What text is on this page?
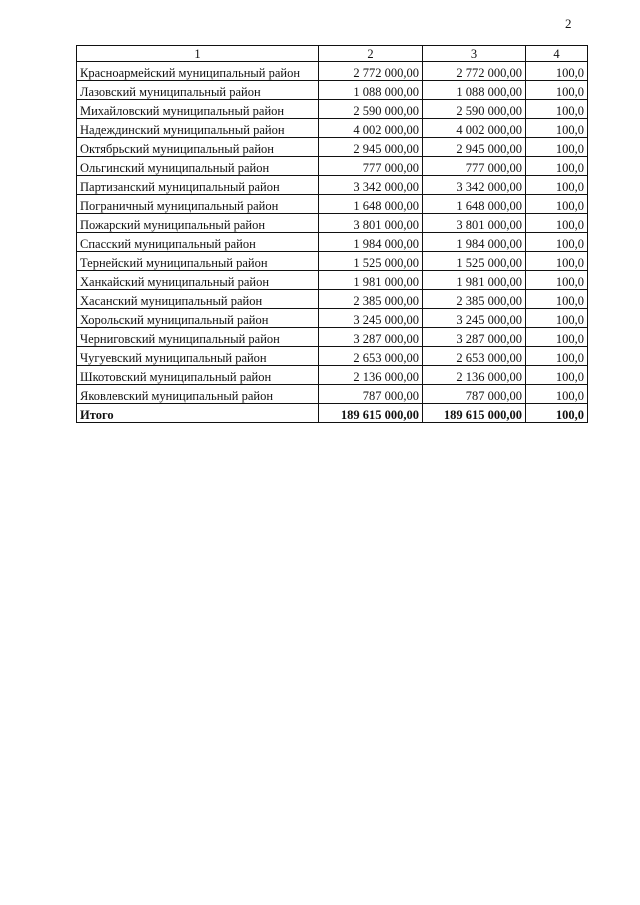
2
1	2	3	4
Красноармейский муниципальный район	2 772 000,00	2 772 000,00	100,0
Лазовский муниципальный район	1 088 000,00	1 088 000,00	100,0
Михайловский муниципальный район	2 590 000,00	2 590 000,00	100,0
Надеждинский муниципальный район	4 002 000,00	4 002 000,00	100,0
Октябрьский муниципальный район	2 945 000,00	2 945 000,00	100,0
Ольгинский муниципальный район	777 000,00	777 000,00	100,0
Партизанский муниципальный район	3 342 000,00	3 342 000,00	100,0
Пограничный муниципальный район	1 648 000,00	1 648 000,00	100,0
Пожарский муниципальный район	3 801 000,00	3 801 000,00	100,0
Спасский муниципальный район	1 984 000,00	1 984 000,00	100,0
Тернейский муниципальный район	1 525 000,00	1 525 000,00	100,0
Ханкайский муниципальный район	1 981 000,00	1 981 000,00	100,0
Хасанский муниципальный район	2 385 000,00	2 385 000,00	100,0
Хорольский муниципальный район	3 245 000,00	3 245 000,00	100,0
Черниговский муниципальный район	3 287 000,00	3 287 000,00	100,0
Чугуевский муниципальный район	2 653 000,00	2 653 000,00	100,0
Шкотовский муниципальный район	2 136 000,00	2 136 000,00	100,0
Яковлевский муниципальный район	787 000,00	787 000,00	100,0
Итого	189 615 000,00	189 615 000,00	100,0
